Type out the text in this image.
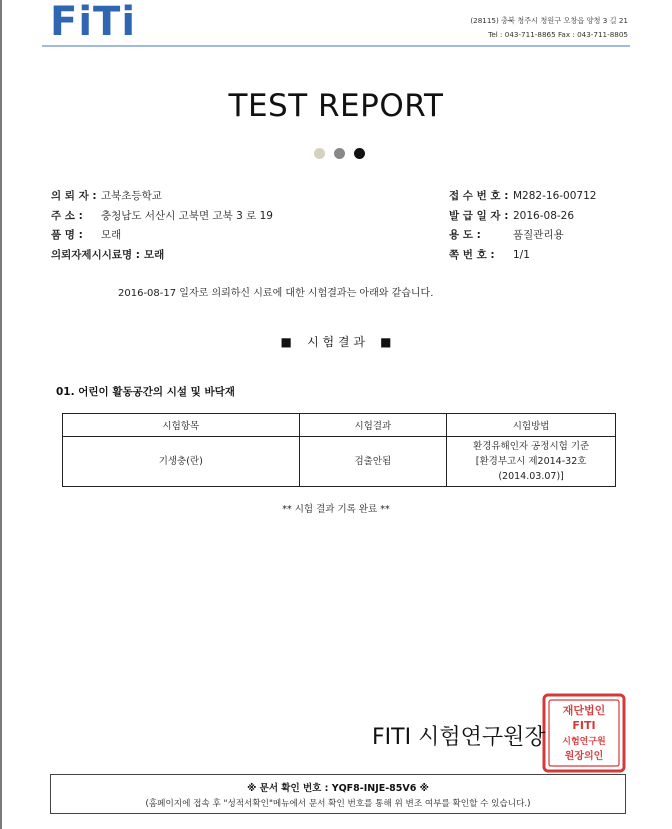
FiTi	(28115) 충북 청주시 청원구 오창읍 양청 3 길 21
Tel : 043-711-8865 Fax : 043-711-8805
TEST REPORT
의 뢰 자 : 고북초등학교
주 소 :	충청남도 서산시 고북면 고북 3 로 19
품 명 :	모래
의뢰자제시시료명 : 모래
접 수 번 호 : M282-16-00712
발 급 일 자 : 2016-08-26
용 도 :	품질관리용
쪽 번 호 :	1/1
2016-08-17 일자로 의뢰하신 시료에 대한 시험결과는 아래와 같습니다.
■ 시 험 결 과 ■
01. 어린이 활동공간의 시설 및 바닥재
시험항목	시험결과	시험방법
기생충(란)	검출안됨	환경유해인자 공정시험 기준
[환경부고시 제2014-32호
(2014.03.07)]
** 시험 결과 기록 완료 **
재단법인
FITI
시험연구원
원장의인
FITI 시험연구원장
※ 문서 확인 번호 : YQF8-INJE-85V6 ※
(홈페이지에 접속 후 "성적서확인"메뉴에서 문서 확인 번호를 통해 위 변조 여부를 확인할 수 있습니다.)
